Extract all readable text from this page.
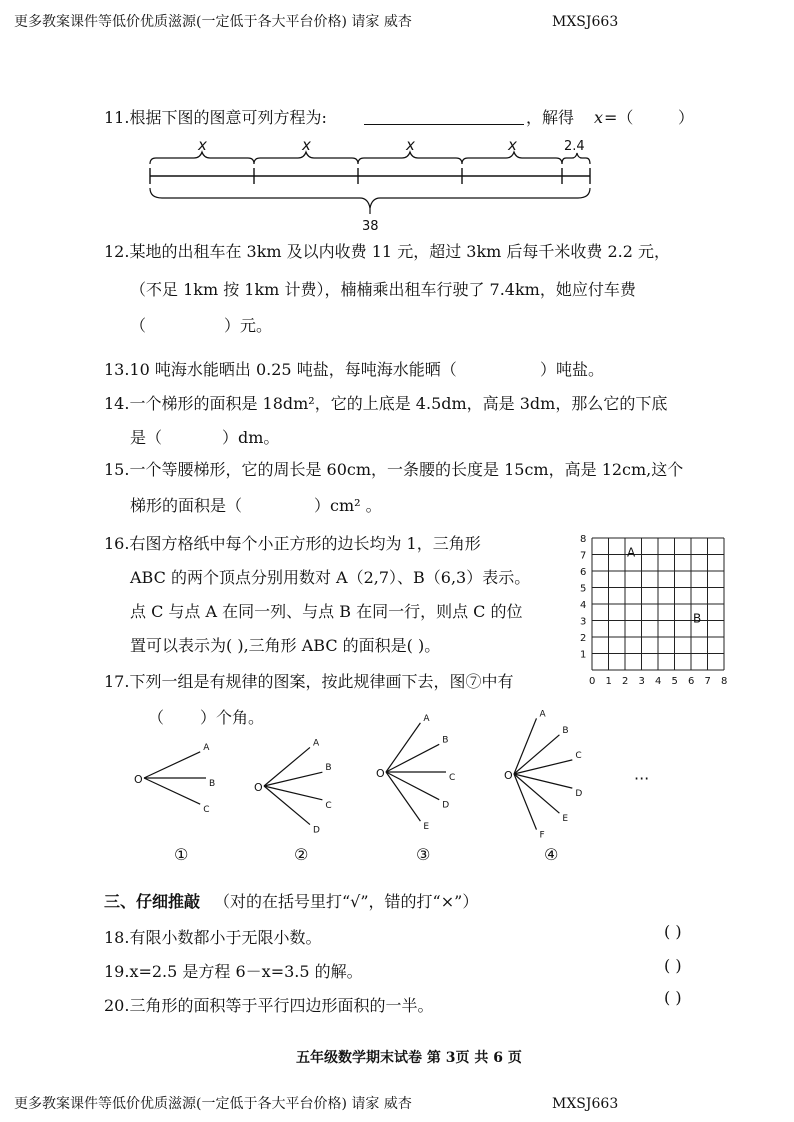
更多教案课件等低价优质滋源(一定低于各大平台价格) 请家 威杏	MXSJ663
11.根据下图的图意可列方程为:	，解得 x =（	）
x	x	x	x	2.4
38
12.某地的出租车在 3km 及以内收费 11 元，超过 3km 后每千米收费 2.2 元，
（不足 1km 按 1km 计费），楠楠乘出租车行驶了 7.4km，她应付车费
（	）元。
13.10 吨海水能晒出 0.25 吨盐，每吨海水能晒（	）吨盐。
14.一个梯形的面积是 18dm²，它的上底是 4.5dm，高是 3dm，那么它的下底
是（	）dm。
15.一个等腰梯形，它的周长是 60cm，一条腰的长度是 15cm，高是 12cm,这个
梯形的面积是（	）cm² 。
16.右图方格纸中每个小正方形的边长均为 1，三角形
ABC 的两个顶点分别用数对 A（2,7）、B（6,3）表示。
点 C 与点 A 在同一列、与点 B 在同一行，则点 C 的位
置可以表示为( ),三角形 ABC 的面积是( )。
0 1 2 3 4 5 6 7 8
1
2
3
4
5
6
7
8
A
B
17.下列一组是有规律的图案，按此规律画下去，图⑦中有
（ ）个角。
O
A
B
C
①
O
A
B
C
D
②
O
A
B
C
D
E
③
O
A
B
C
D
E
F
④
···
三、仔细推敲 （对的在括号里打“√”，错的打“×”）
18.有限小数都小于无限小数。	( )
19.x=2.5 是方程 6－x=3.5 的解。	( )
20.三角形的面积等于平行四边形面积的一半。	( )
五年级数学期末试卷 第 3页 共 6 页
更多教案课件等低价优质滋源(一定低于各大平台价格) 请家 威杏	MXSJ663
